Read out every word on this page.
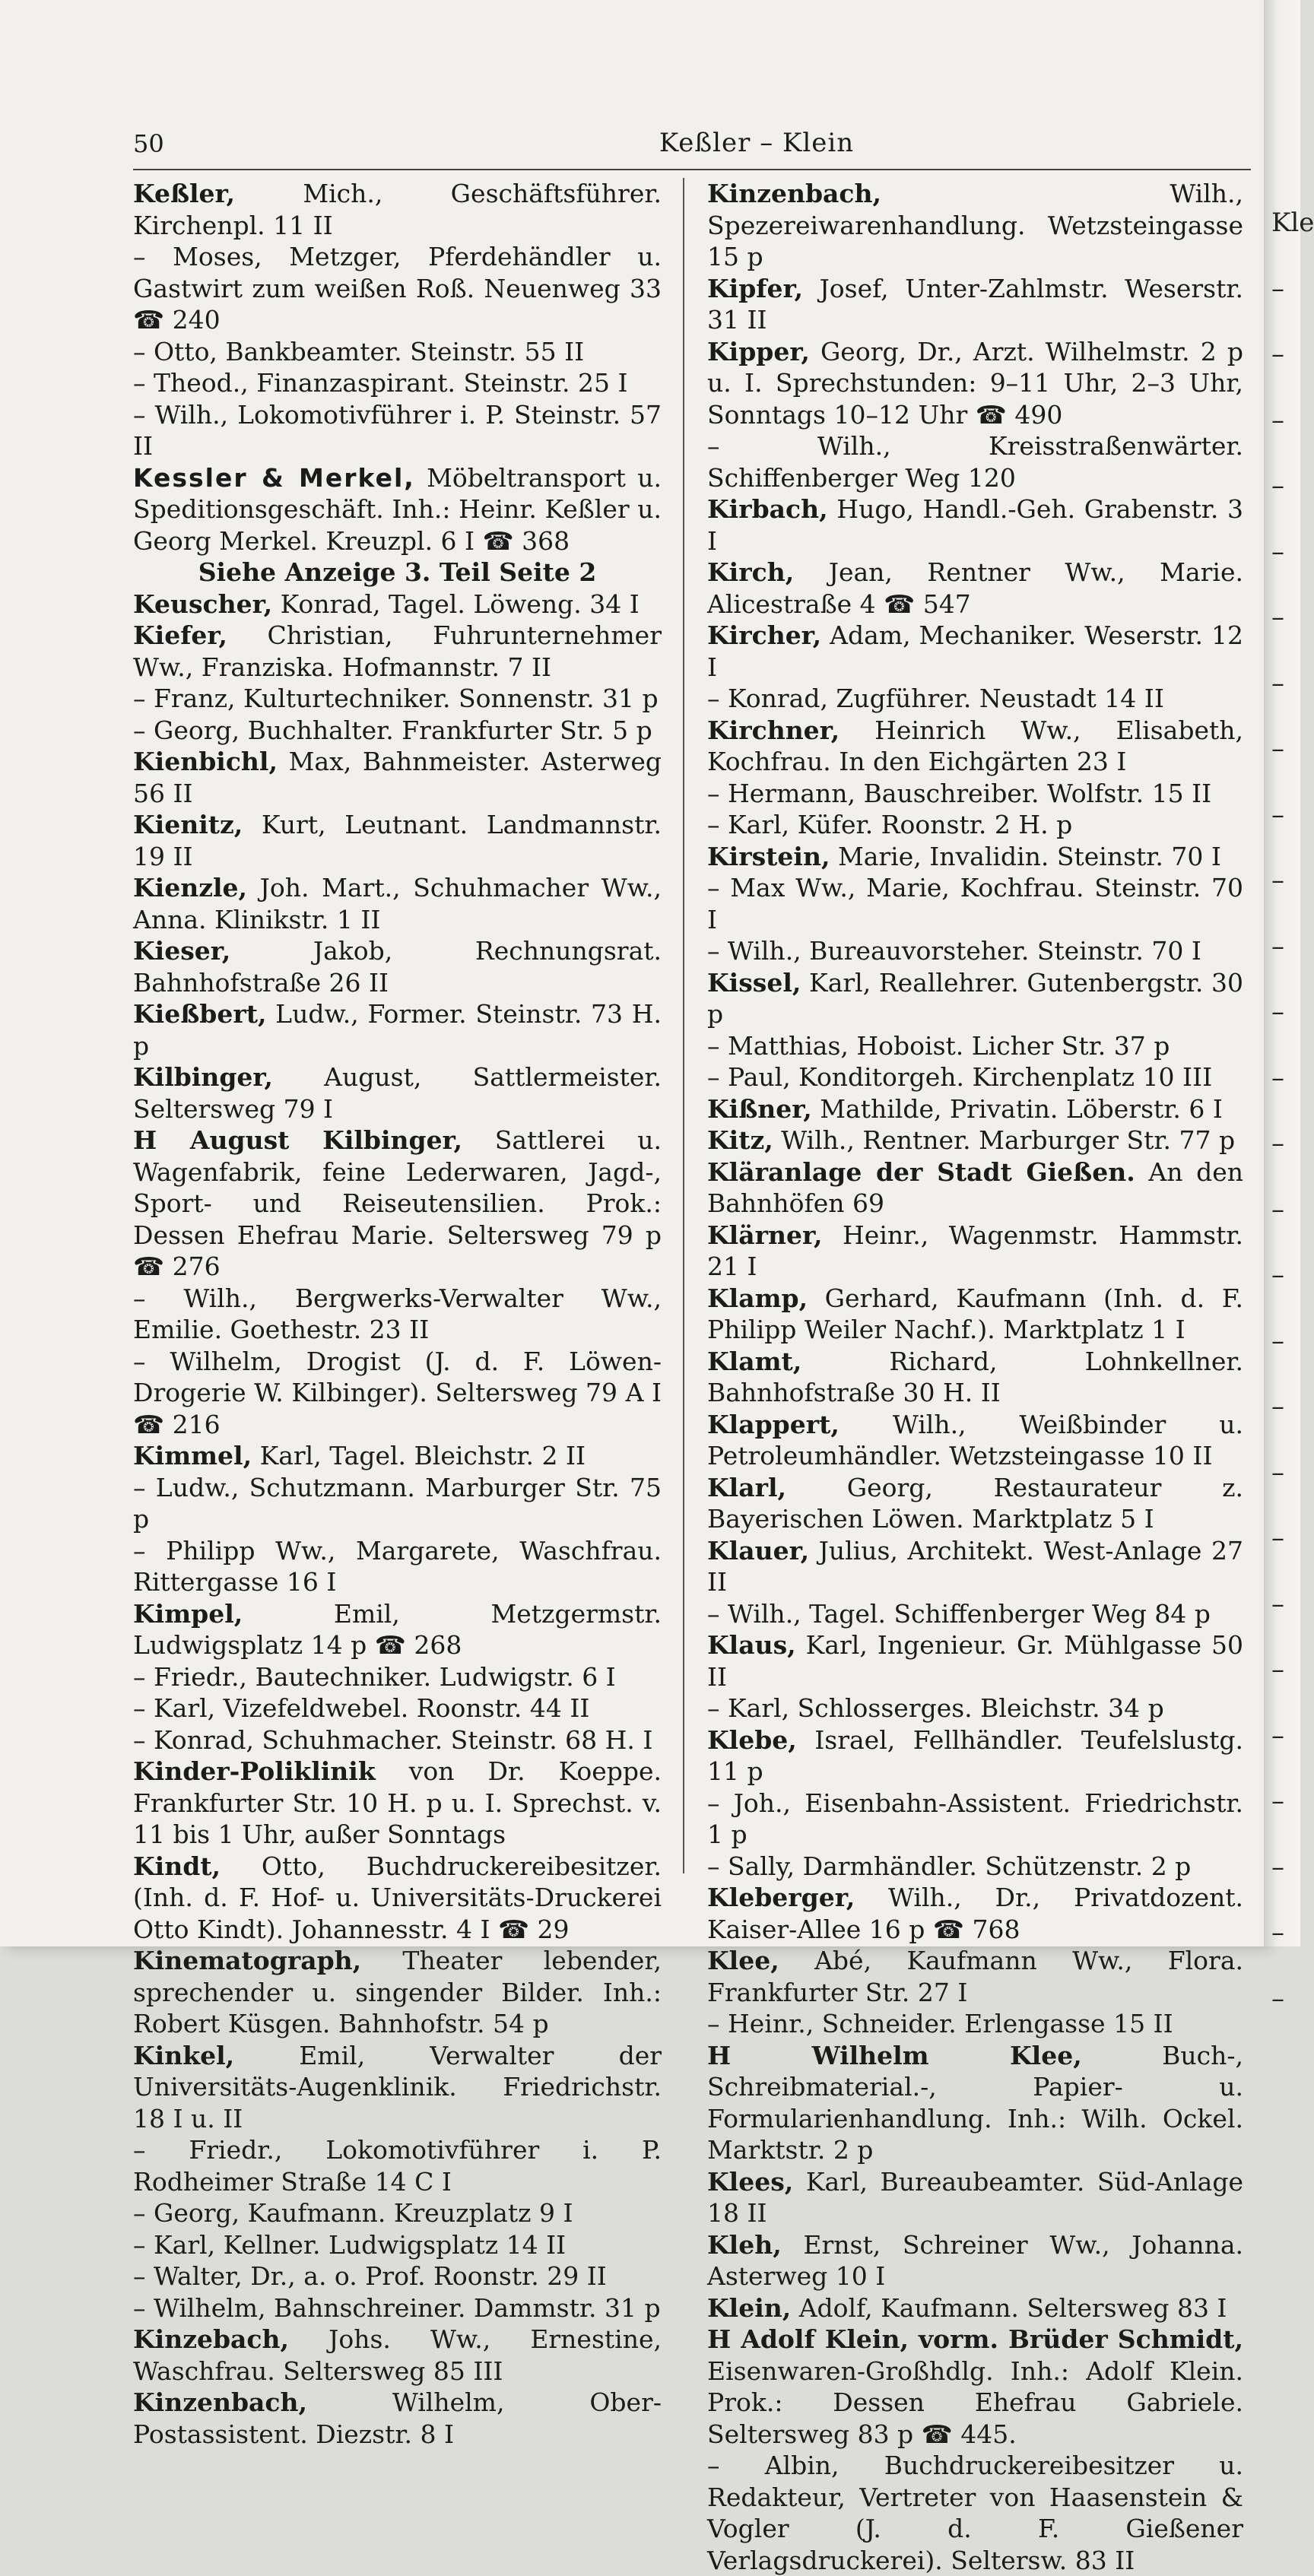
Kle
–
–
–
–
–
–
–
–
–
–
–
–
–
–
–
–
–
–
–
–
–
–
–
–
–
–
–
50	Keßler – Klein
Keßler, Mich., Geschäftsführer. Kirchenpl. 11 II
– Moses, Metzger, Pferdehändler u. Gastwirt zum weißen Roß. Neuenweg 33 ☎ 240
– Otto, Bankbeamter. Steinstr. 55 II
– Theod., Finanzaspirant. Steinstr. 25 I
– Wilh., Lokomotivführer i. P. Steinstr. 57 II
Kessler & Merkel, Möbeltransport u. Speditionsgeschäft. Inh.: Heinr. Keßler u. Georg Merkel. Kreuzpl. 6 I ☎ 368
Siehe Anzeige 3. Teil Seite 2
Keuscher, Konrad, Tagel. Löweng. 34 I
Kiefer, Christian, Fuhrunternehmer Ww., Franziska. Hofmannstr. 7 II
– Franz, Kulturtechniker. Sonnenstr. 31 p
– Georg, Buchhalter. Frankfurter Str. 5 p
Kienbichl, Max, Bahnmeister. Asterweg 56 II
Kienitz, Kurt, Leutnant. Landmannstr. 19 II
Kienzle, Joh. Mart., Schuhmacher Ww., Anna. Klinikstr. 1 II
Kieser, Jakob, Rechnungsrat. Bahnhofstraße 26 II
Kießbert, Ludw., Former. Steinstr. 73 H. p
Kilbinger, August, Sattlermeister. Seltersweg 79 I
H August Kilbinger, Sattlerei u. Wagenfabrik, feine Lederwaren, Jagd-, Sport- und Reiseutensilien. Prok.: Dessen Ehefrau Marie. Seltersweg 79 p ☎ 276
– Wilh., Bergwerks-Verwalter Ww., Emilie. Goethestr. 23 II
– Wilhelm, Drogist (J. d. F. Löwen-Drogerie W. Kilbinger). Seltersweg 79 A I ☎ 216
Kimmel, Karl, Tagel. Bleichstr. 2 II
– Ludw., Schutzmann. Marburger Str. 75 p
– Philipp Ww., Margarete, Waschfrau. Rittergasse 16 I
Kimpel, Emil, Metzgermstr. Ludwigsplatz 14 p ☎ 268
– Friedr., Bautechniker. Ludwigstr. 6 I
– Karl, Vizefeldwebel. Roonstr. 44 II
– Konrad, Schuhmacher. Steinstr. 68 H. I
Kinder-Poliklinik von Dr. Koeppe. Frankfurter Str. 10 H. p u. I. Sprechst. v. 11 bis 1 Uhr, außer Sonntags
Kindt, Otto, Buchdruckereibesitzer. (Inh. d. F. Hof- u. Universitäts-Druckerei Otto Kindt). Johannesstr. 4 I ☎ 29
Kinematograph, Theater lebender, sprechender u. singender Bilder. Inh.: Robert Küsgen. Bahnhofstr. 54 p
Kinkel, Emil, Verwalter der Universitäts-Augenklinik. Friedrichstr. 18 I u. II
– Friedr., Lokomotivführer i. P. Rodheimer Straße 14 C I
– Georg, Kaufmann. Kreuzplatz 9 I
– Karl, Kellner. Ludwigsplatz 14 II
– Walter, Dr., a. o. Prof. Roonstr. 29 II
– Wilhelm, Bahnschreiner. Dammstr. 31 p
Kinzebach, Johs. Ww., Ernestine, Waschfrau. Seltersweg 85 III
Kinzenbach, Wilhelm, Ober-Postassistent. Diezstr. 8 I
Kinzenbach, Wilh., Spezereiwarenhandlung. Wetzsteingasse 15 p
Kipfer, Josef, Unter-Zahlmstr. Weserstr. 31 II
Kipper, Georg, Dr., Arzt. Wilhelmstr. 2 p u. I. Sprechstunden: 9–11 Uhr, 2–3 Uhr, Sonntags 10–12 Uhr ☎ 490
– Wilh., Kreisstraßenwärter. Schiffenberger Weg 120
Kirbach, Hugo, Handl.-Geh. Grabenstr. 3 I
Kirch, Jean, Rentner Ww., Marie. Alicestraße 4 ☎ 547
Kircher, Adam, Mechaniker. Weserstr. 12 I
– Konrad, Zugführer. Neustadt 14 II
Kirchner, Heinrich Ww., Elisabeth, Kochfrau. In den Eichgärten 23 I
– Hermann, Bauschreiber. Wolfstr. 15 II
– Karl, Küfer. Roonstr. 2 H. p
Kirstein, Marie, Invalidin. Steinstr. 70 I
– Max Ww., Marie, Kochfrau. Steinstr. 70 I
– Wilh., Bureauvorsteher. Steinstr. 70 I
Kissel, Karl, Reallehrer. Gutenbergstr. 30 p
– Matthias, Hoboist. Licher Str. 37 p
– Paul, Konditorgeh. Kirchenplatz 10 III
Kißner, Mathilde, Privatin. Löberstr. 6 I
Kitz, Wilh., Rentner. Marburger Str. 77 p
Kläranlage der Stadt Gießen. An den Bahnhöfen 69
Klärner, Heinr., Wagenmstr. Hammstr. 21 I
Klamp, Gerhard, Kaufmann (Inh. d. F. Philipp Weiler Nachf.). Marktplatz 1 I
Klamt, Richard, Lohnkellner. Bahnhofstraße 30 H. II
Klappert, Wilh., Weißbinder u. Petroleumhändler. Wetzsteingasse 10 II
Klarl, Georg, Restaurateur z. Bayerischen Löwen. Marktplatz 5 I
Klauer, Julius, Architekt. West-Anlage 27 II
– Wilh., Tagel. Schiffenberger Weg 84 p
Klaus, Karl, Ingenieur. Gr. Mühlgasse 50 II
– Karl, Schlosserges. Bleichstr. 34 p
Klebe, Israel, Fellhändler. Teufelslustg. 11 p
– Joh., Eisenbahn-Assistent. Friedrichstr. 1 p
– Sally, Darmhändler. Schützenstr. 2 p
Kleberger, Wilh., Dr., Privatdozent. Kaiser-Allee 16 p ☎ 768
Klee, Abé, Kaufmann Ww., Flora. Frankfurter Str. 27 I
– Heinr., Schneider. Erlengasse 15 II
H Wilhelm Klee, Buch-, Schreibmaterial.-, Papier- u. Formularienhandlung. Inh.: Wilh. Ockel. Marktstr. 2 p
Klees, Karl, Bureaubeamter. Süd-Anlage 18 II
Kleh, Ernst, Schreiner Ww., Johanna. Asterweg 10 I
Klein, Adolf, Kaufmann. Seltersweg 83 I
H Adolf Klein, vorm. Brüder Schmidt, Eisenwaren-Großhdlg. Inh.: Adolf Klein. Prok.: Dessen Ehefrau Gabriele. Seltersweg 83 p ☎ 445.
– Albin, Buchdruckereibesitzer u. Redakteur, Vertreter von Haasenstein & Vogler (J. d. F. Gießener Verlagsdruckerei). Seltersw. 83 II
